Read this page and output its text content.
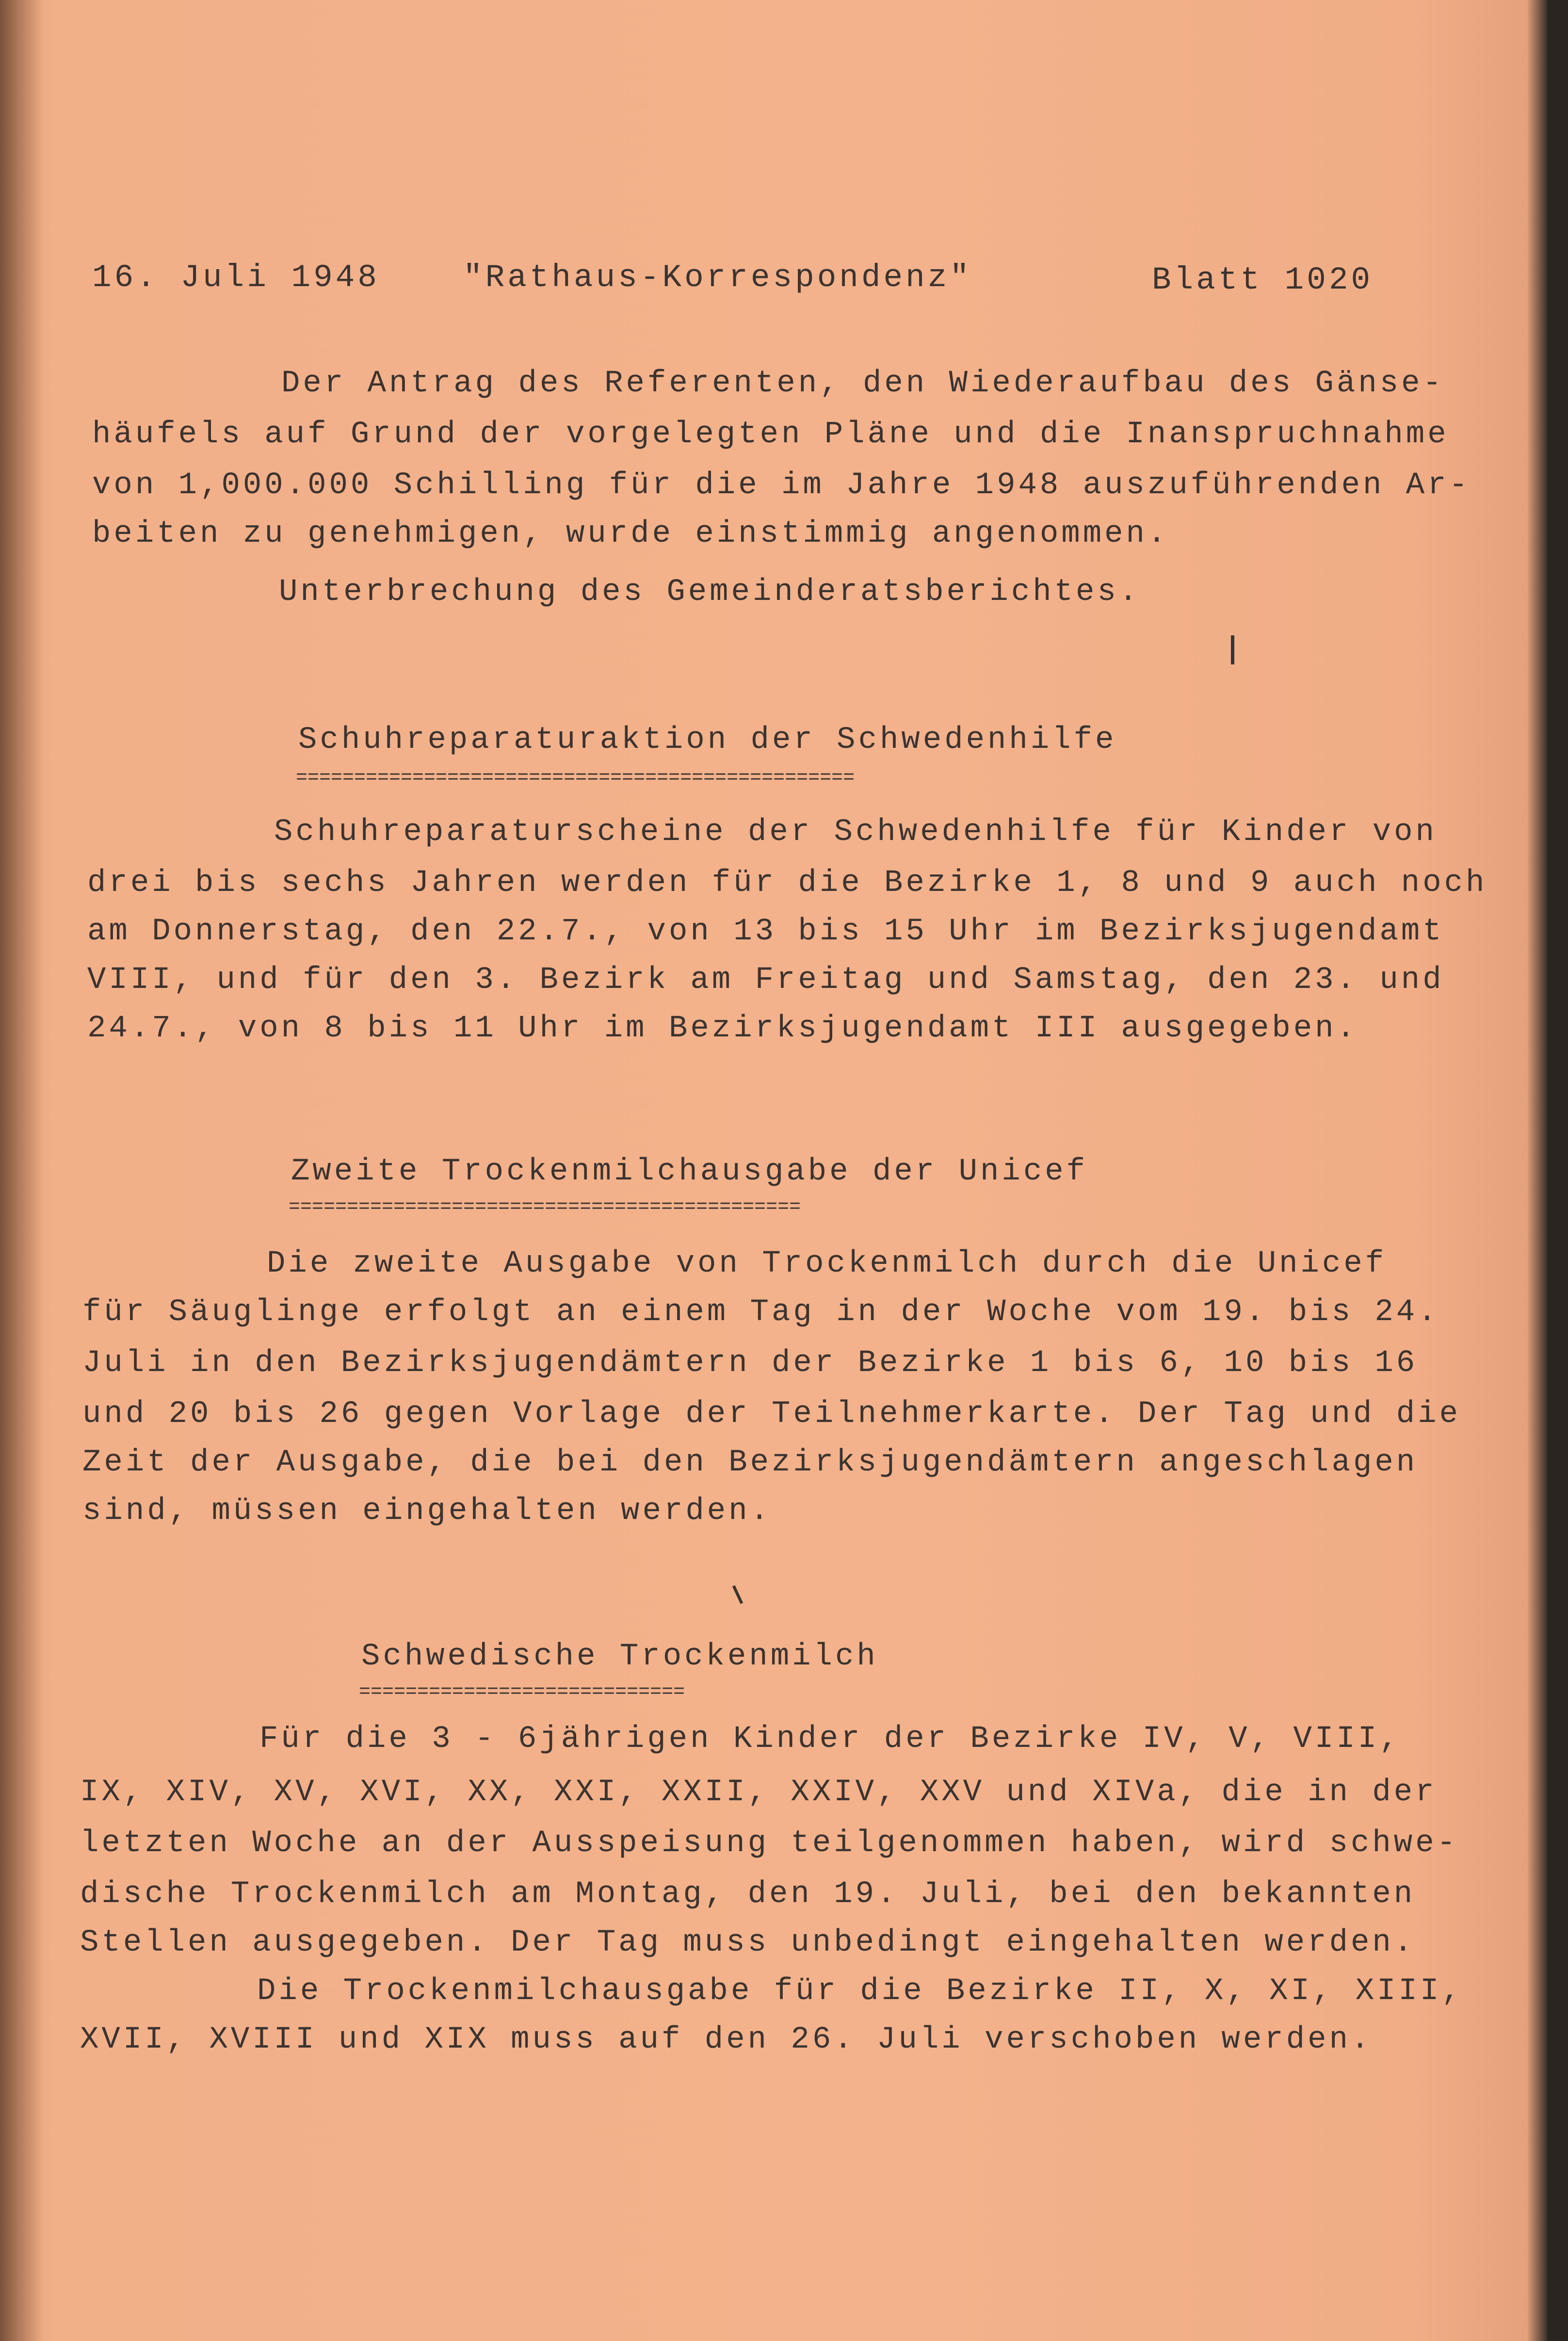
16. Juli 1948	"Rathaus-Korrespondenz"	Blatt 1020
Der Antrag des Referenten, den Wiederaufbau des Gänse-
häufels auf Grund der vorgelegten Pläne und die Inanspruchnahme
von 1,000.000 Schilling für die im Jahre 1948 auszuführenden Ar-
beiten zu genehmigen, wurde einstimmig angenommen.
Unterbrechung des Gemeinderatsberichtes.
Schuhreparaturaktion der Schwedenhilfe
================================================
Schuhreparaturscheine der Schwedenhilfe für Kinder von
drei bis sechs Jahren werden für die Bezirke 1, 8 und 9 auch noch
am Donnerstag, den 22.7., von 13 bis 15 Uhr im Bezirksjugendamt
VIII, und für den 3. Bezirk am Freitag und Samstag, den 23. und
24.7., von 8 bis 11 Uhr im Bezirksjugendamt III ausgegeben.
Zweite Trockenmilchausgabe der Unicef
============================================
Die zweite Ausgabe von Trockenmilch durch die Unicef
für Säuglinge erfolgt an einem Tag in der Woche vom 19. bis 24.
Juli in den Bezirksjugendämtern der Bezirke 1 bis 6, 10 bis 16
und 20 bis 26 gegen Vorlage der Teilnehmerkarte. Der Tag und die
Zeit der Ausgabe, die bei den Bezirksjugendämtern angeschlagen
sind, müssen eingehalten werden.
Schwedische Trockenmilch
============================
Für die 3 - 6jährigen Kinder der Bezirke IV, V, VIII,
IX, XIV, XV, XVI, XX, XXI, XXII, XXIV, XXV und XIVa, die in der
letzten Woche an der Ausspeisung teilgenommen haben, wird schwe-
dische Trockenmilch am Montag, den 19. Juli, bei den bekannten
Stellen ausgegeben. Der Tag muss unbedingt eingehalten werden.
Die Trockenmilchausgabe für die Bezirke II, X, XI, XIII,
XVII, XVIII und XIX muss auf den 26. Juli verschoben werden.
